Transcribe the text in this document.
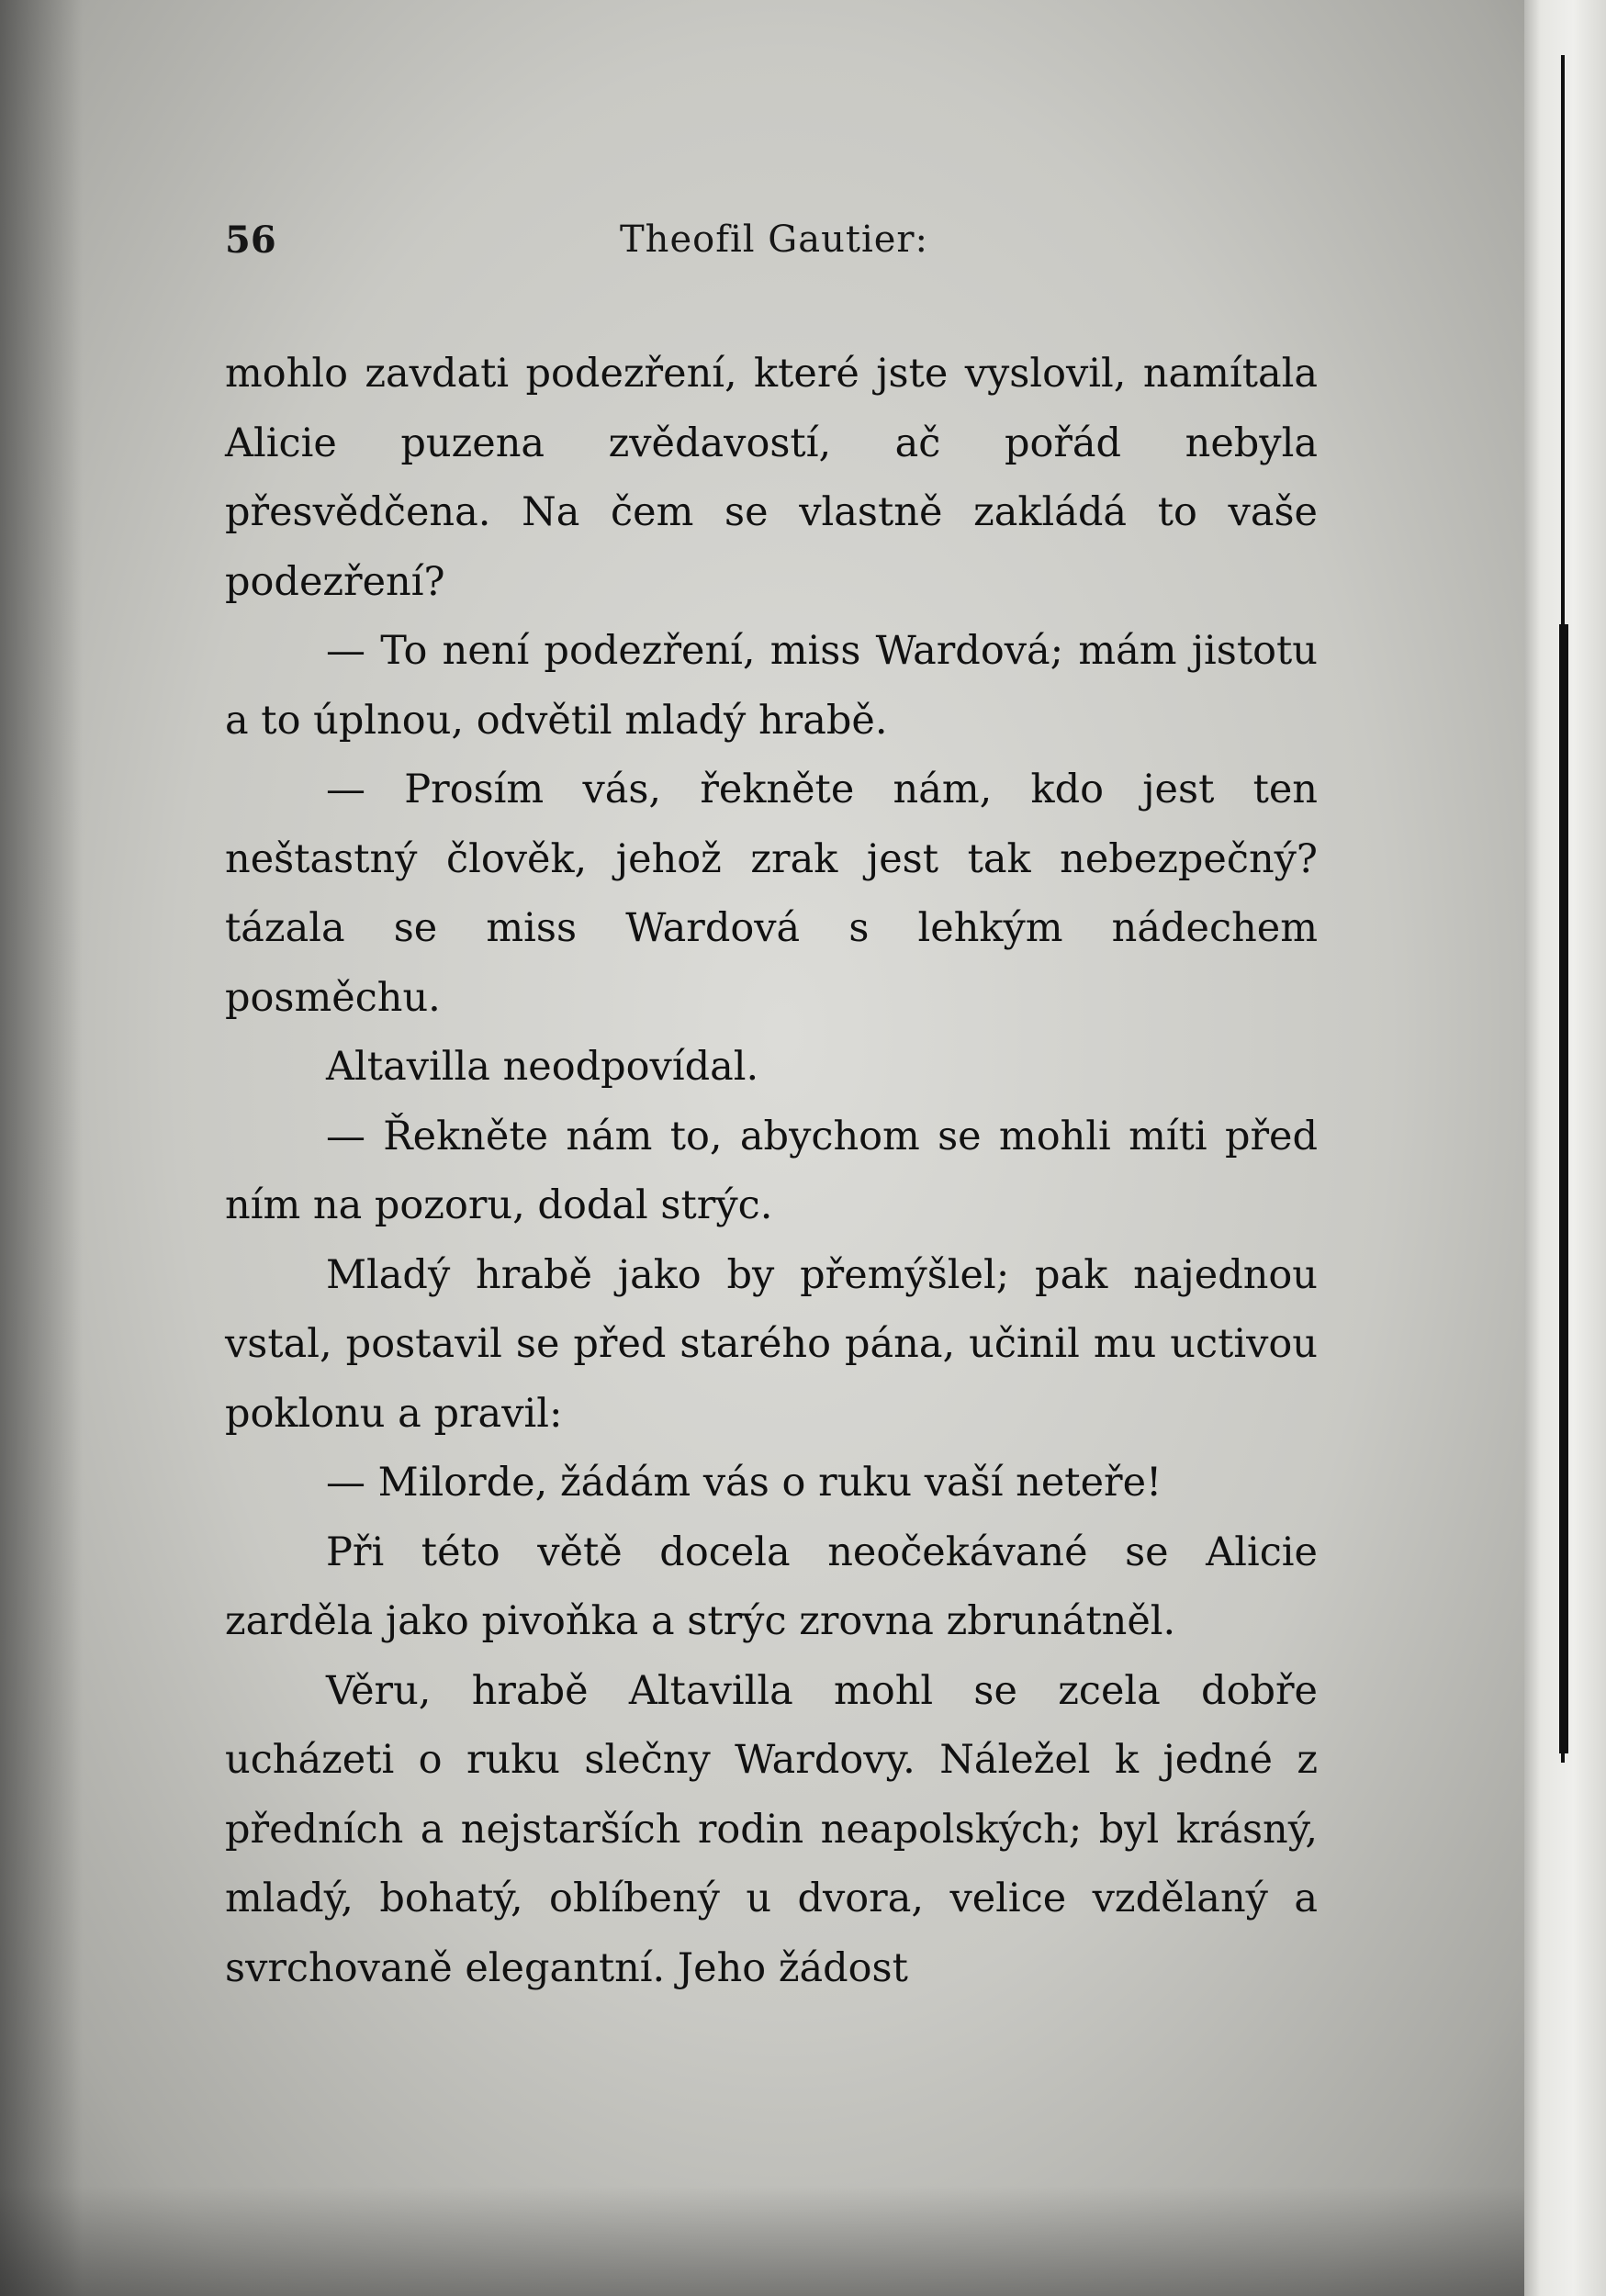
56	Theofil Gautier:

mohlo zavdati podezření, které jste vyslovil, namítala Alicie puzena zvědavostí, ač pořád nebyla přesvědčena. Na čem se vlastně zakládá to vaše podezření?

— To není podezření, miss Wardová; mám jistotu a to úplnou, odvětil mladý hrabě.

— Prosím vás, řekněte nám, kdo jest ten neštastný člověk, jehož zrak jest tak nebezpečný? tázala se miss Wardová s lehkým nádechem posměchu.

Altavilla neodpovídal.

— Řekněte nám to, abychom se mohli míti před ním na pozoru, dodal strýc.

Mladý hrabě jako by přemýšlel; pak najednou vstal, postavil se před starého pána, učinil mu uctivou poklonu a pravil:

— Milorde, žádám vás o ruku vaší neteře!

Při této větě docela neočekávané se Alicie zarděla jako pivoňka a strýc zrovna zbrunátněl.

Věru, hrabě Altavilla mohl se zcela dobře ucházeti o ruku slečny Wardovy. Náležel k jedné z předních a nejstarších rodin neapolských; byl krásný, mladý, bohatý, oblíbený u dvora, velice vzdělaný a svrchovaně elegantní. Jeho žádost
